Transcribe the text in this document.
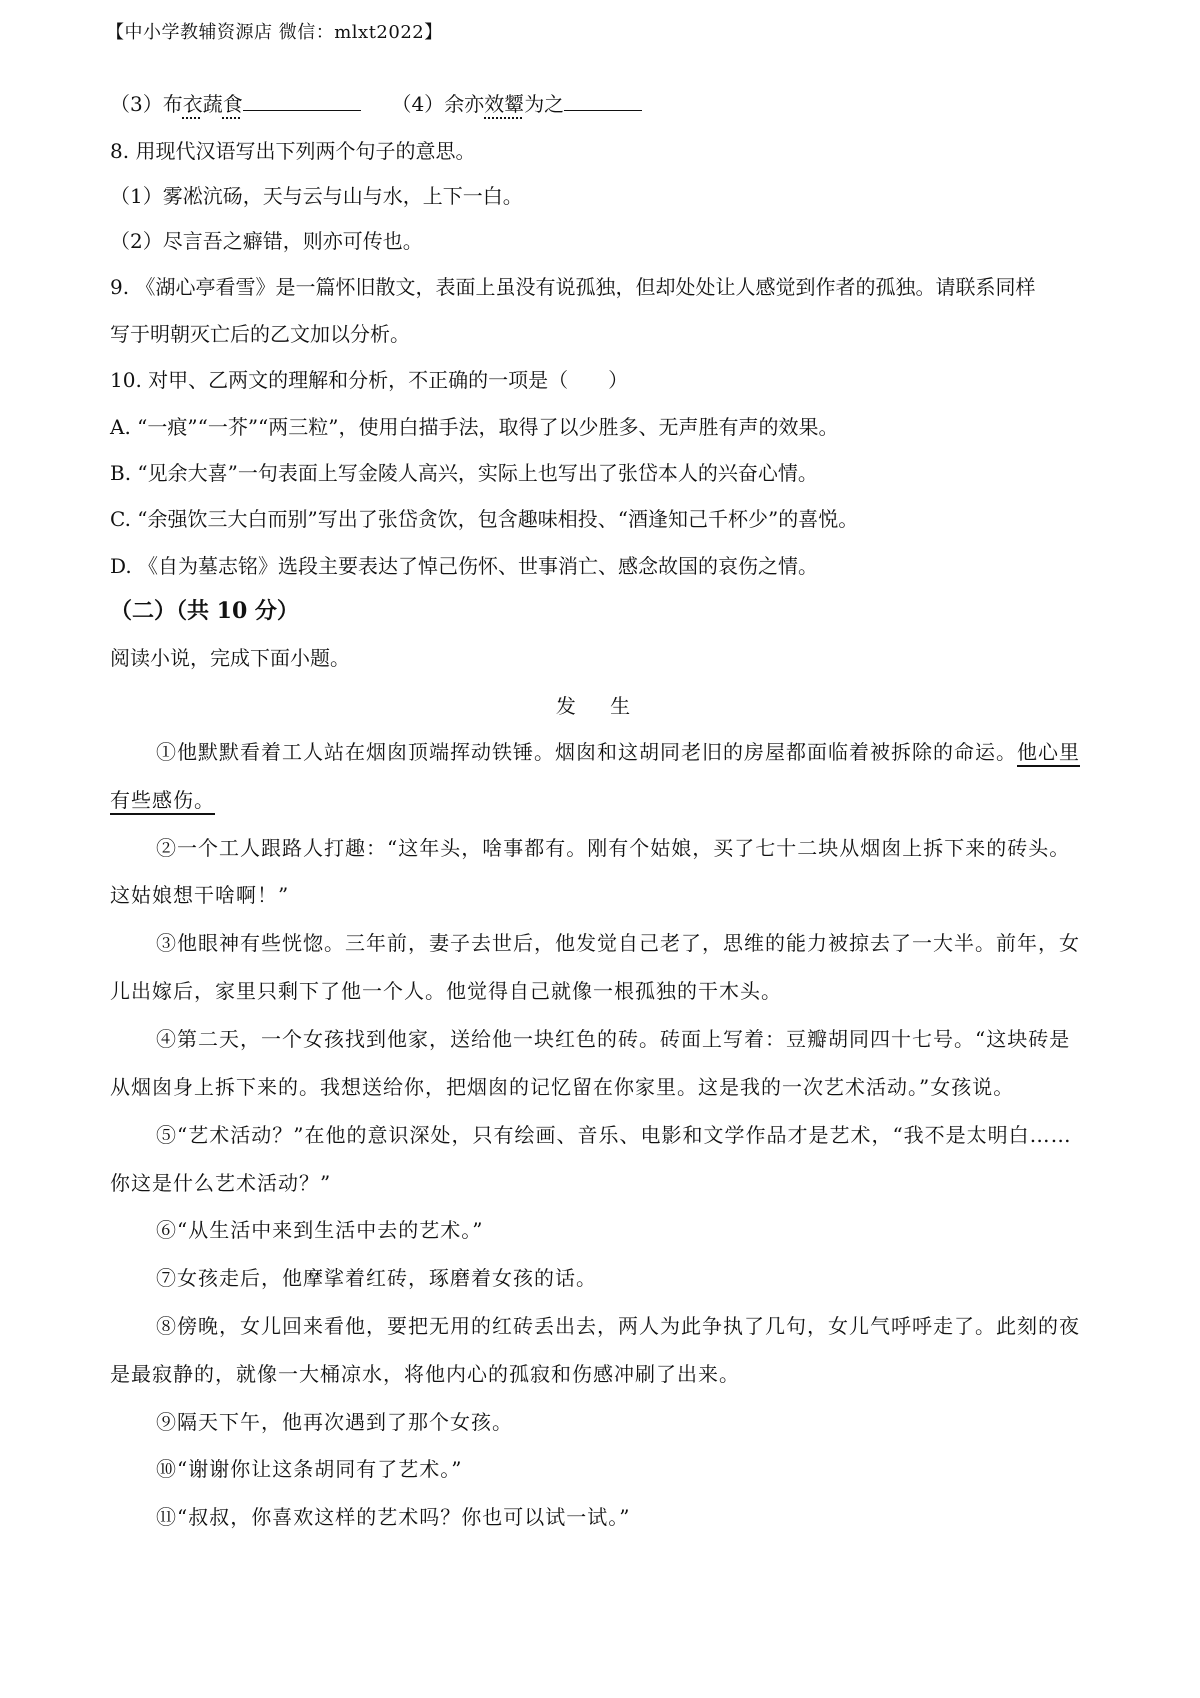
【中小学教辅资源店 微信：mlxt2022】
（3）布衣蔬食	（4）余亦效颦为之
8. 用现代汉语写出下列两个句子的意思。
（1）雾凇沆砀，天与云与山与水，上下一白。
（2）尽言吾之癖错，则亦可传也。
9. 《湖心亭看雪》是一篇怀旧散文，表面上虽没有说孤独，但却处处让人感觉到作者的孤独。请联系同样
写于明朝灭亡后的乙文加以分析。
10. 对甲、乙两文的理解和分析，不正确的一项是（　　）
A. “一痕”“一芥”“两三粒”，使用白描手法，取得了以少胜多、无声胜有声的效果。
B. “见余大喜”一句表面上写金陵人高兴，实际上也写出了张岱本人的兴奋心情。
C. “余强饮三大白而别”写出了张岱贪饮，包含趣味相投、“酒逢知己千杯少”的喜悦。
D. 《自为墓志铭》选段主要表达了悼己伤怀、世事消亡、感念故国的哀伤之情。
（二）（共 10 分）
阅读小说，完成下面小题。
发 生
①他默默看着工人站在烟囱顶端挥动铁锤。烟囱和这胡同老旧的房屋都面临着被拆除的命运。他心里
有些感伤。
②一个工人跟路人打趣：“这年头，啥事都有。刚有个姑娘，买了七十二块从烟囱上拆下来的砖头。
这姑娘想干啥啊！”
③他眼神有些恍惚。三年前，妻子去世后，他发觉自己老了，思维的能力被掠去了一大半。前年，女
儿出嫁后，家里只剩下了他一个人。他觉得自己就像一根孤独的干木头。
④第二天，一个女孩找到他家，送给他一块红色的砖。砖面上写着：豆瓣胡同四十七号。“这块砖是
从烟囱身上拆下来的。我想送给你，把烟囱的记忆留在你家里。这是我的一次艺术活动。”女孩说。
⑤“艺术活动？”在他的意识深处，只有绘画、音乐、电影和文学作品才是艺术，“我不是太明白……
你这是什么艺术活动？”
⑥“从生活中来到生活中去的艺术。”
⑦女孩走后，他摩挲着红砖，琢磨着女孩的话。
⑧傍晚，女儿回来看他，要把无用的红砖丢出去，两人为此争执了几句，女儿气呼呼走了。此刻的夜
是最寂静的，就像一大桶凉水，将他内心的孤寂和伤感冲刷了出来。
⑨隔天下午，他再次遇到了那个女孩。
⑩“谢谢你让这条胡同有了艺术。”
⑪“叔叔，你喜欢这样的艺术吗？你也可以试一试。”
